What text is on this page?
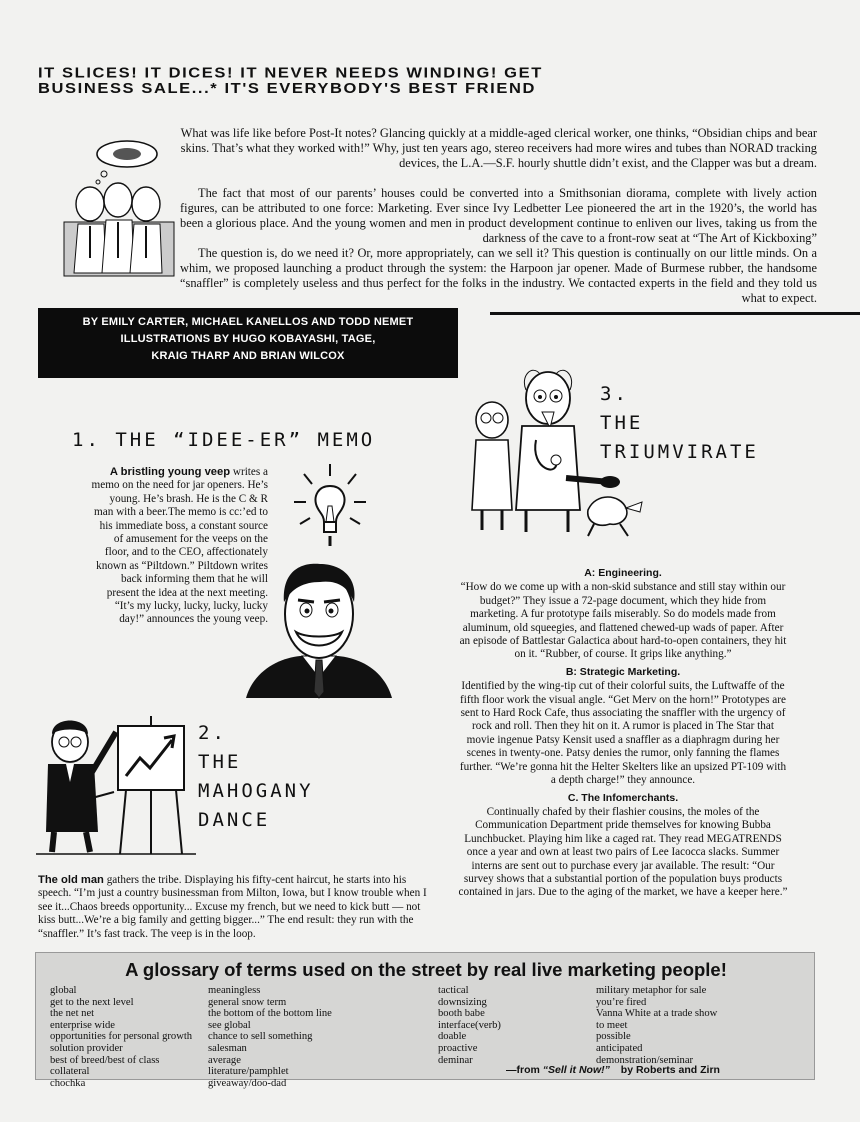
IT SLICES! IT DICES! IT NEVER NEEDS WINDING! GET
BUSINESS SALE...* IT'S EVERYBODY'S BEST FRIEND

What was life like before Post-It notes? Glancing quickly at a middle-aged clerical worker, one thinks, “Obsidian chips and bear skins. That’s what they worked with!” Why, just ten years ago, stereo receivers had more wires and tubes than NORAD tracking devices, the L.A.—S.F. hourly shuttle didn’t exist, and the Clapper was but a dream.

The fact that most of our parents’ houses could be converted into a Smithsonian diorama, complete with lively action figures, can be attributed to one force: Marketing. Ever since Ivy Ledbetter Lee pioneered the art in the 1920’s, the world has been a glorious place. And the young women and men in product development continue to enliven our lives, taking us from the darkness of the cave to a front-row seat at “The Art of Kickboxing”

The question is, do we need it? Or, more appropriately, can we sell it? This question is continually on our little minds. On a whim, we proposed launching a product through the system: the Harpoon jar opener. Made of Burmese rubber, the handsome “snaffler” is completely useless and thus perfect for the folks in the industry. We contacted experts in the field and they told us what to expect.

BY EMILY CARTER, MICHAEL KANELLOS AND TODD NEMET
ILLUSTRATIONS BY HUGO KOBAYASHI, TAGE,
KRAIG THARP AND BRIAN WILCOX
1. THE “IDEE-ER” MEMO
A bristling young veep writes a memo on the need for jar openers. He’s young. He’s brash. He is the C & R man with a beer.The memo is cc:’ed to his immediate boss, a constant source of amusement for the veeps on the floor, and to the CEO, affectionately known as “Piltdown.” Piltdown writes back informing them that he will present the idea at the next meeting. “It’s my lucky, lucky, lucky, lucky day!” announces the young veep.
3.
THE
TRIUMVIRATE
A: Engineering.
“How do we come up with a non-skid substance and still stay within our budget?” They issue a 72-page document, which they hide from marketing. A fur prototype fails miserably. So do models made from aluminum, old squeegies, and flattened chewed-up wads of paper. After an episode of Battlestar Galactica about hard-to-open containers, they hit on it. “Rubber, of course. It grips like anything.”
B: Strategic Marketing.
Identified by the wing-tip cut of their colorful suits, the Luftwaffe of the fifth floor work the visual angle. “Get Merv on the horn!” Prototypes are sent to Hard Rock Cafe, thus associating the snaffler with the urgency of rock and roll. Then they hit on it. A rumor is placed in The Star that movie ingenue Patsy Kensit used a snaffler as a diaphragm during her scenes in twenty-one. Patsy denies the rumor, only fanning the flames further. “We’re gonna hit the Helter Skelters like an upsized PT-109 with a depth charge!” they announce.
C. The Infomerchants.
Continually chafed by their flashier cousins, the moles of the Communication Department pride themselves for knowing Bubba Lunchbucket. Playing him like a caged rat. They read MEGATRENDS once a year and own at least two pairs of Lee Iacocca slacks. Summer interns are sent out to purchase every jar available. The result: “Our survey shows that a substantial portion of the population buys products contained in jars. Due to the aging of the market, we have a keeper here.”
2.
THE
MAHOGANY
DANCE
The old man gathers the tribe. Displaying his fifty-cent haircut, he starts into his speech. “I’m just a country businessman from Milton, Iowa, but I know trouble when I see it...Chaos breeds opportunity... Excuse my french, but we need to kick butt — not kiss butt...We’re a big family and getting bigger...” The end result: they run with the “snaffler.” It’s fast track. The veep is in the loop.
A glossary of terms used on the street by real live marketing people!
global
get to the next level
the net net
enterprise wide
opportunities for personal growth
solution provider
best of breed/best of class
collateral
chochka
meaningless
general snow term
the bottom of the bottom line
see global
chance to sell something
salesman
average
literature/pamphlet
giveaway/doo-dad
tactical
downsizing
booth babe
interface(verb)
doable
proactive
deminar
military metaphor for sale
you’re fired
Vanna White at a trade show
to meet
possible
anticipated
demonstration/seminar
—from “Sell it Now!” by Roberts and Zirn
